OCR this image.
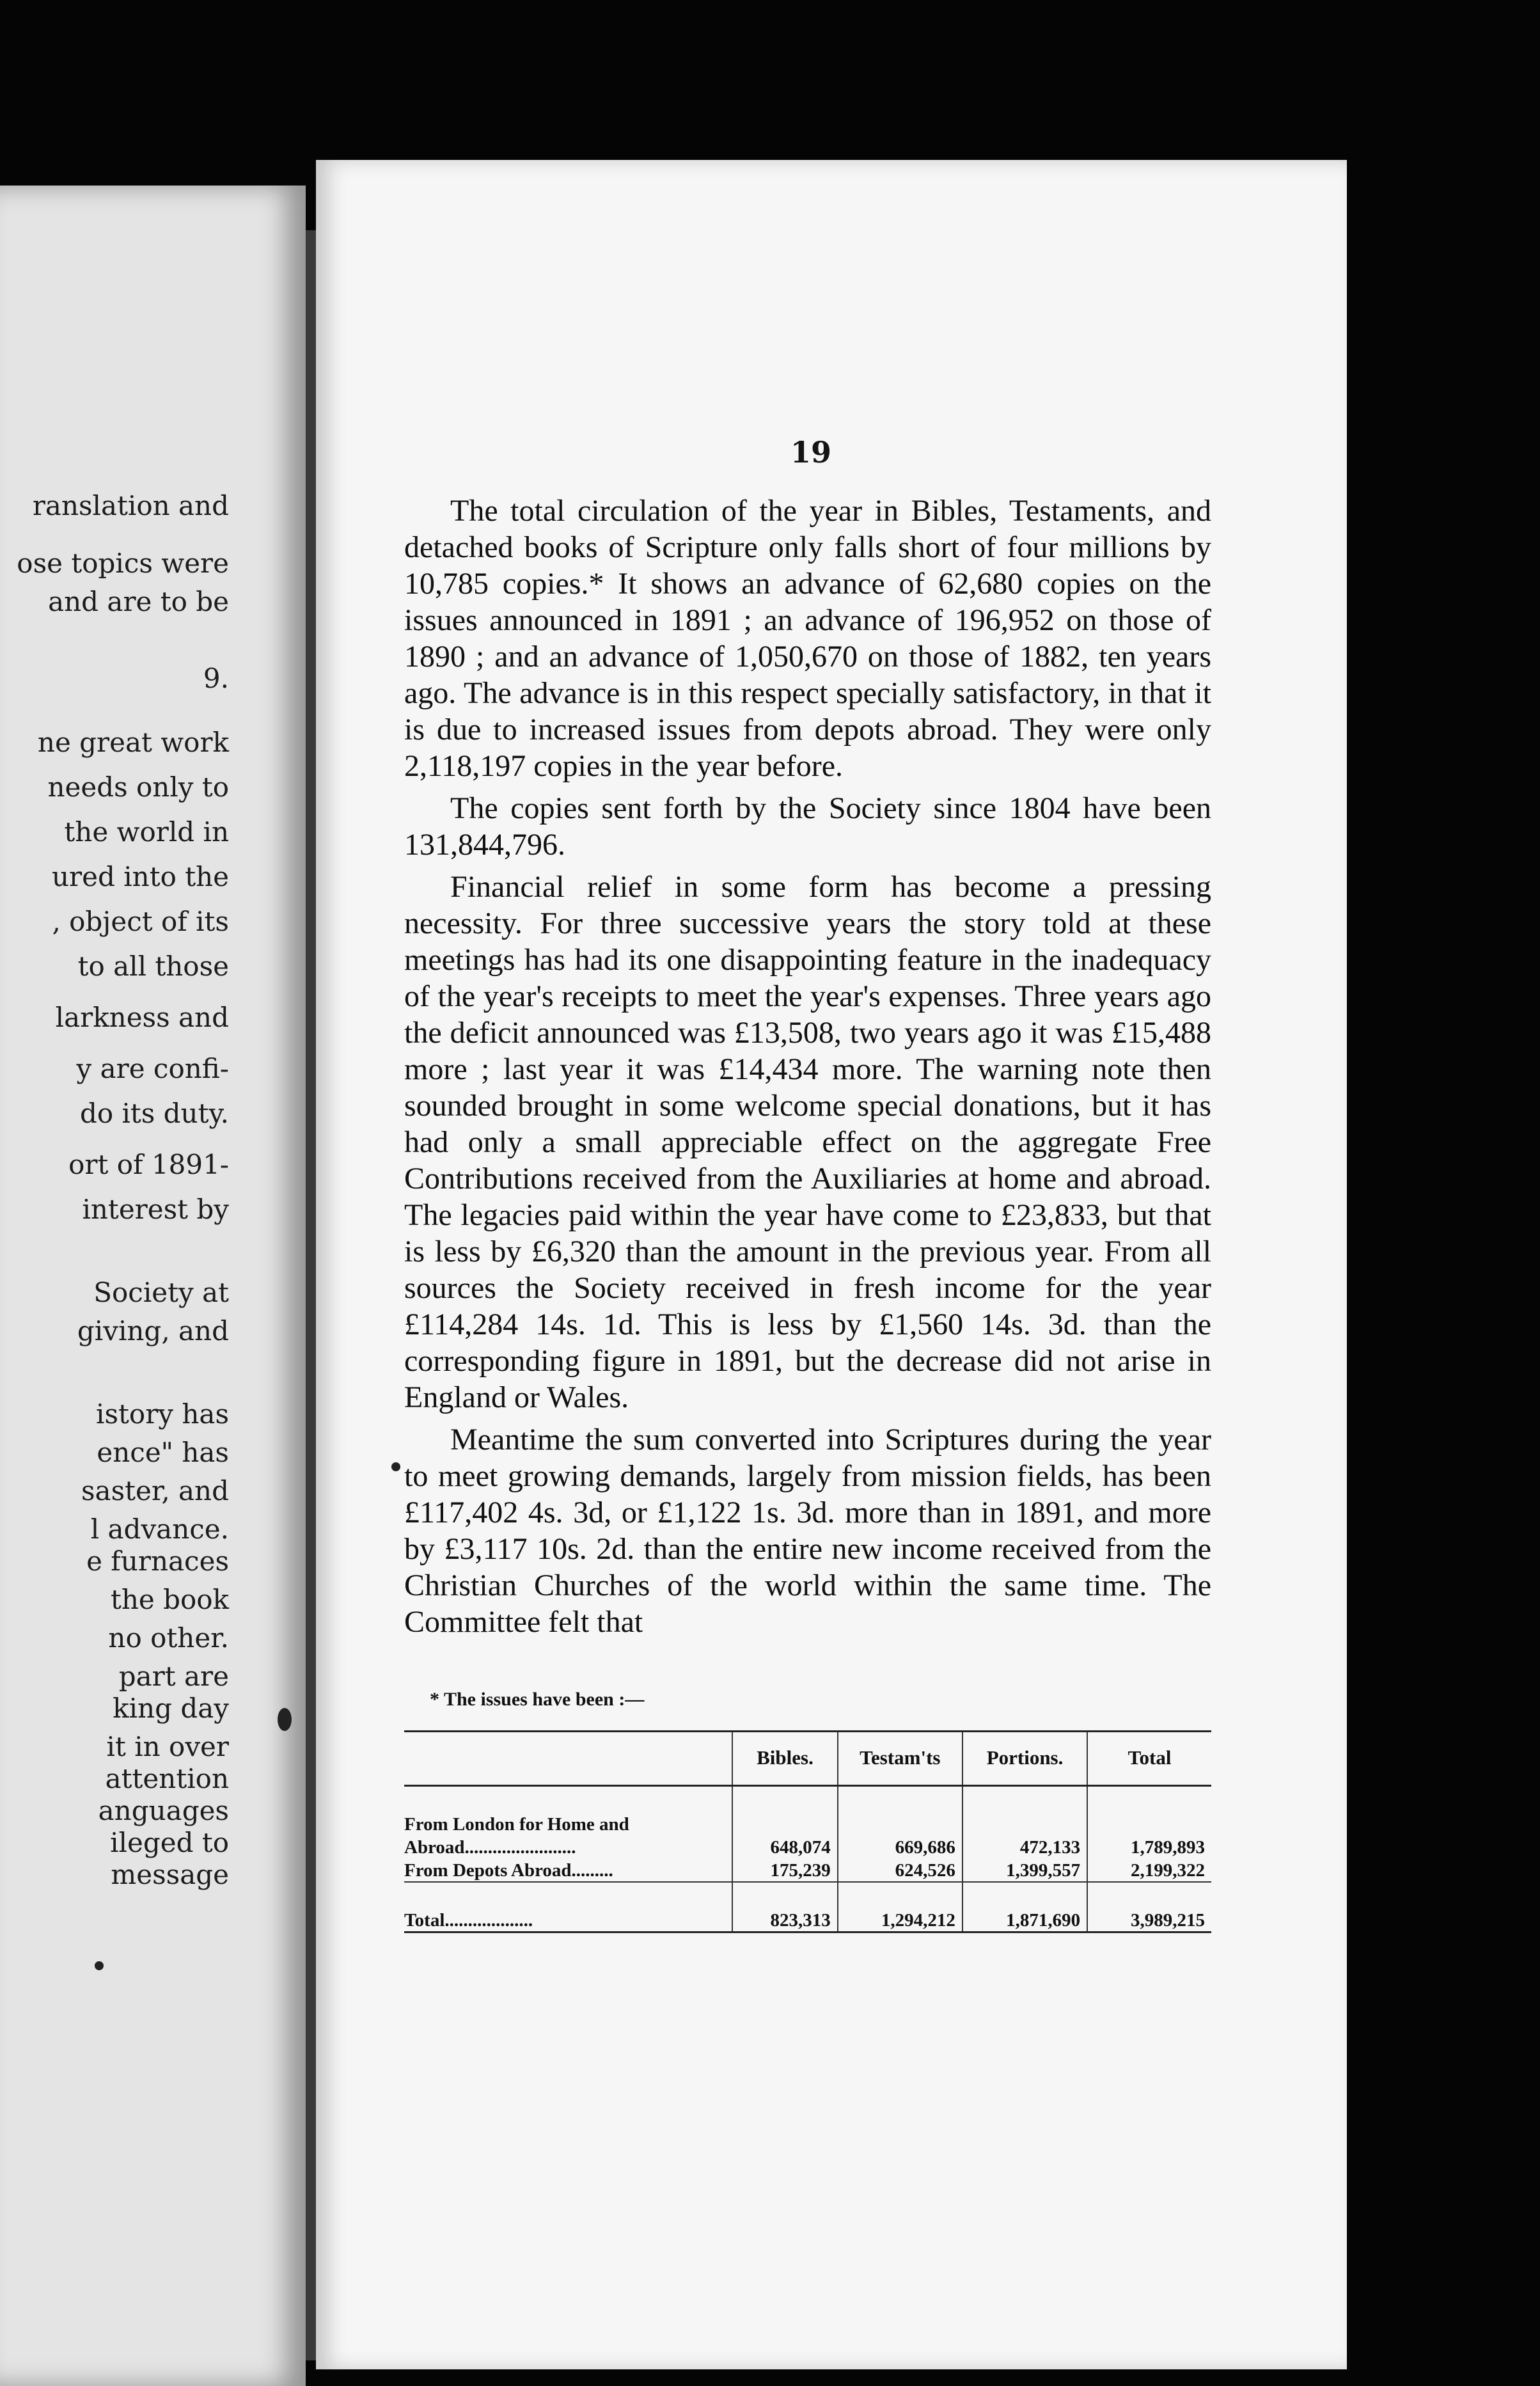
ranslation and
ose topics were
and are to be
9.
ne great work
needs only to
the world in
ured into the
, object of its
to all those
larkness and
y are confi-
do its duty.
ort of 1891-
interest by
Society at
giving, and
istory has
ence" has
saster, and
l advance.
e furnaces
the book
no other.
part are
king day
it in over
attention
anguages
ileged to
message
19

The total circulation of the year in Bibles, Testaments, and detached books of Scripture only falls short of four millions by 10,785 copies.* It shows an advance of 62,680 copies on the issues announced in 1891 ; an advance of 196,952 on those of 1890 ; and an advance of 1,050,670 on those of 1882, ten years ago. The advance is in this respect specially satisfactory, in that it is due to increased issues from depots abroad. They were only 2,118,197 copies in the year before.

The copies sent forth by the Society since 1804 have been 131,844,796.

Financial relief in some form has become a pressing necessity. For three successive years the story told at these meetings has had its one disappointing feature in the inadequacy of the year's receipts to meet the year's expenses. Three years ago the deficit announced was £13,508, two years ago it was £15,488 more ; last year it was £14,434 more. The warning note then sounded brought in some welcome special donations, but it has had only a small appreciable effect on the aggregate Free Contributions received from the Auxiliaries at home and abroad. The legacies paid within the year have come to £23,833, but that is less by £6,320 than the amount in the previous year. From all sources the Society received in fresh income for the year £114,284 14s. 1d. This is less by £1,560 14s. 3d. than the corresponding figure in 1891, but the decrease did not arise in England or Wales.

Meantime the sum converted into Scriptures during the year to meet growing demands, largely from mission fields, has been £117,402 4s. 3d, or £1,122 1s. 3d. more than in 1891, and more by £3,117 10s. 2d. than the entire new income received from the Christian Churches of the world within the same time. The Committee felt that

* The issues have been :—
	Bibles.	Testam'ts	Portions.	Total

From London for Home and				
Abroad........................	648,074	669,686	472,133	1,789,893
From Depots Abroad.........	175,239	624,526	1,399,557	2,199,322
Total...................	823,313	1,294,212	1,871,690	3,989,215
